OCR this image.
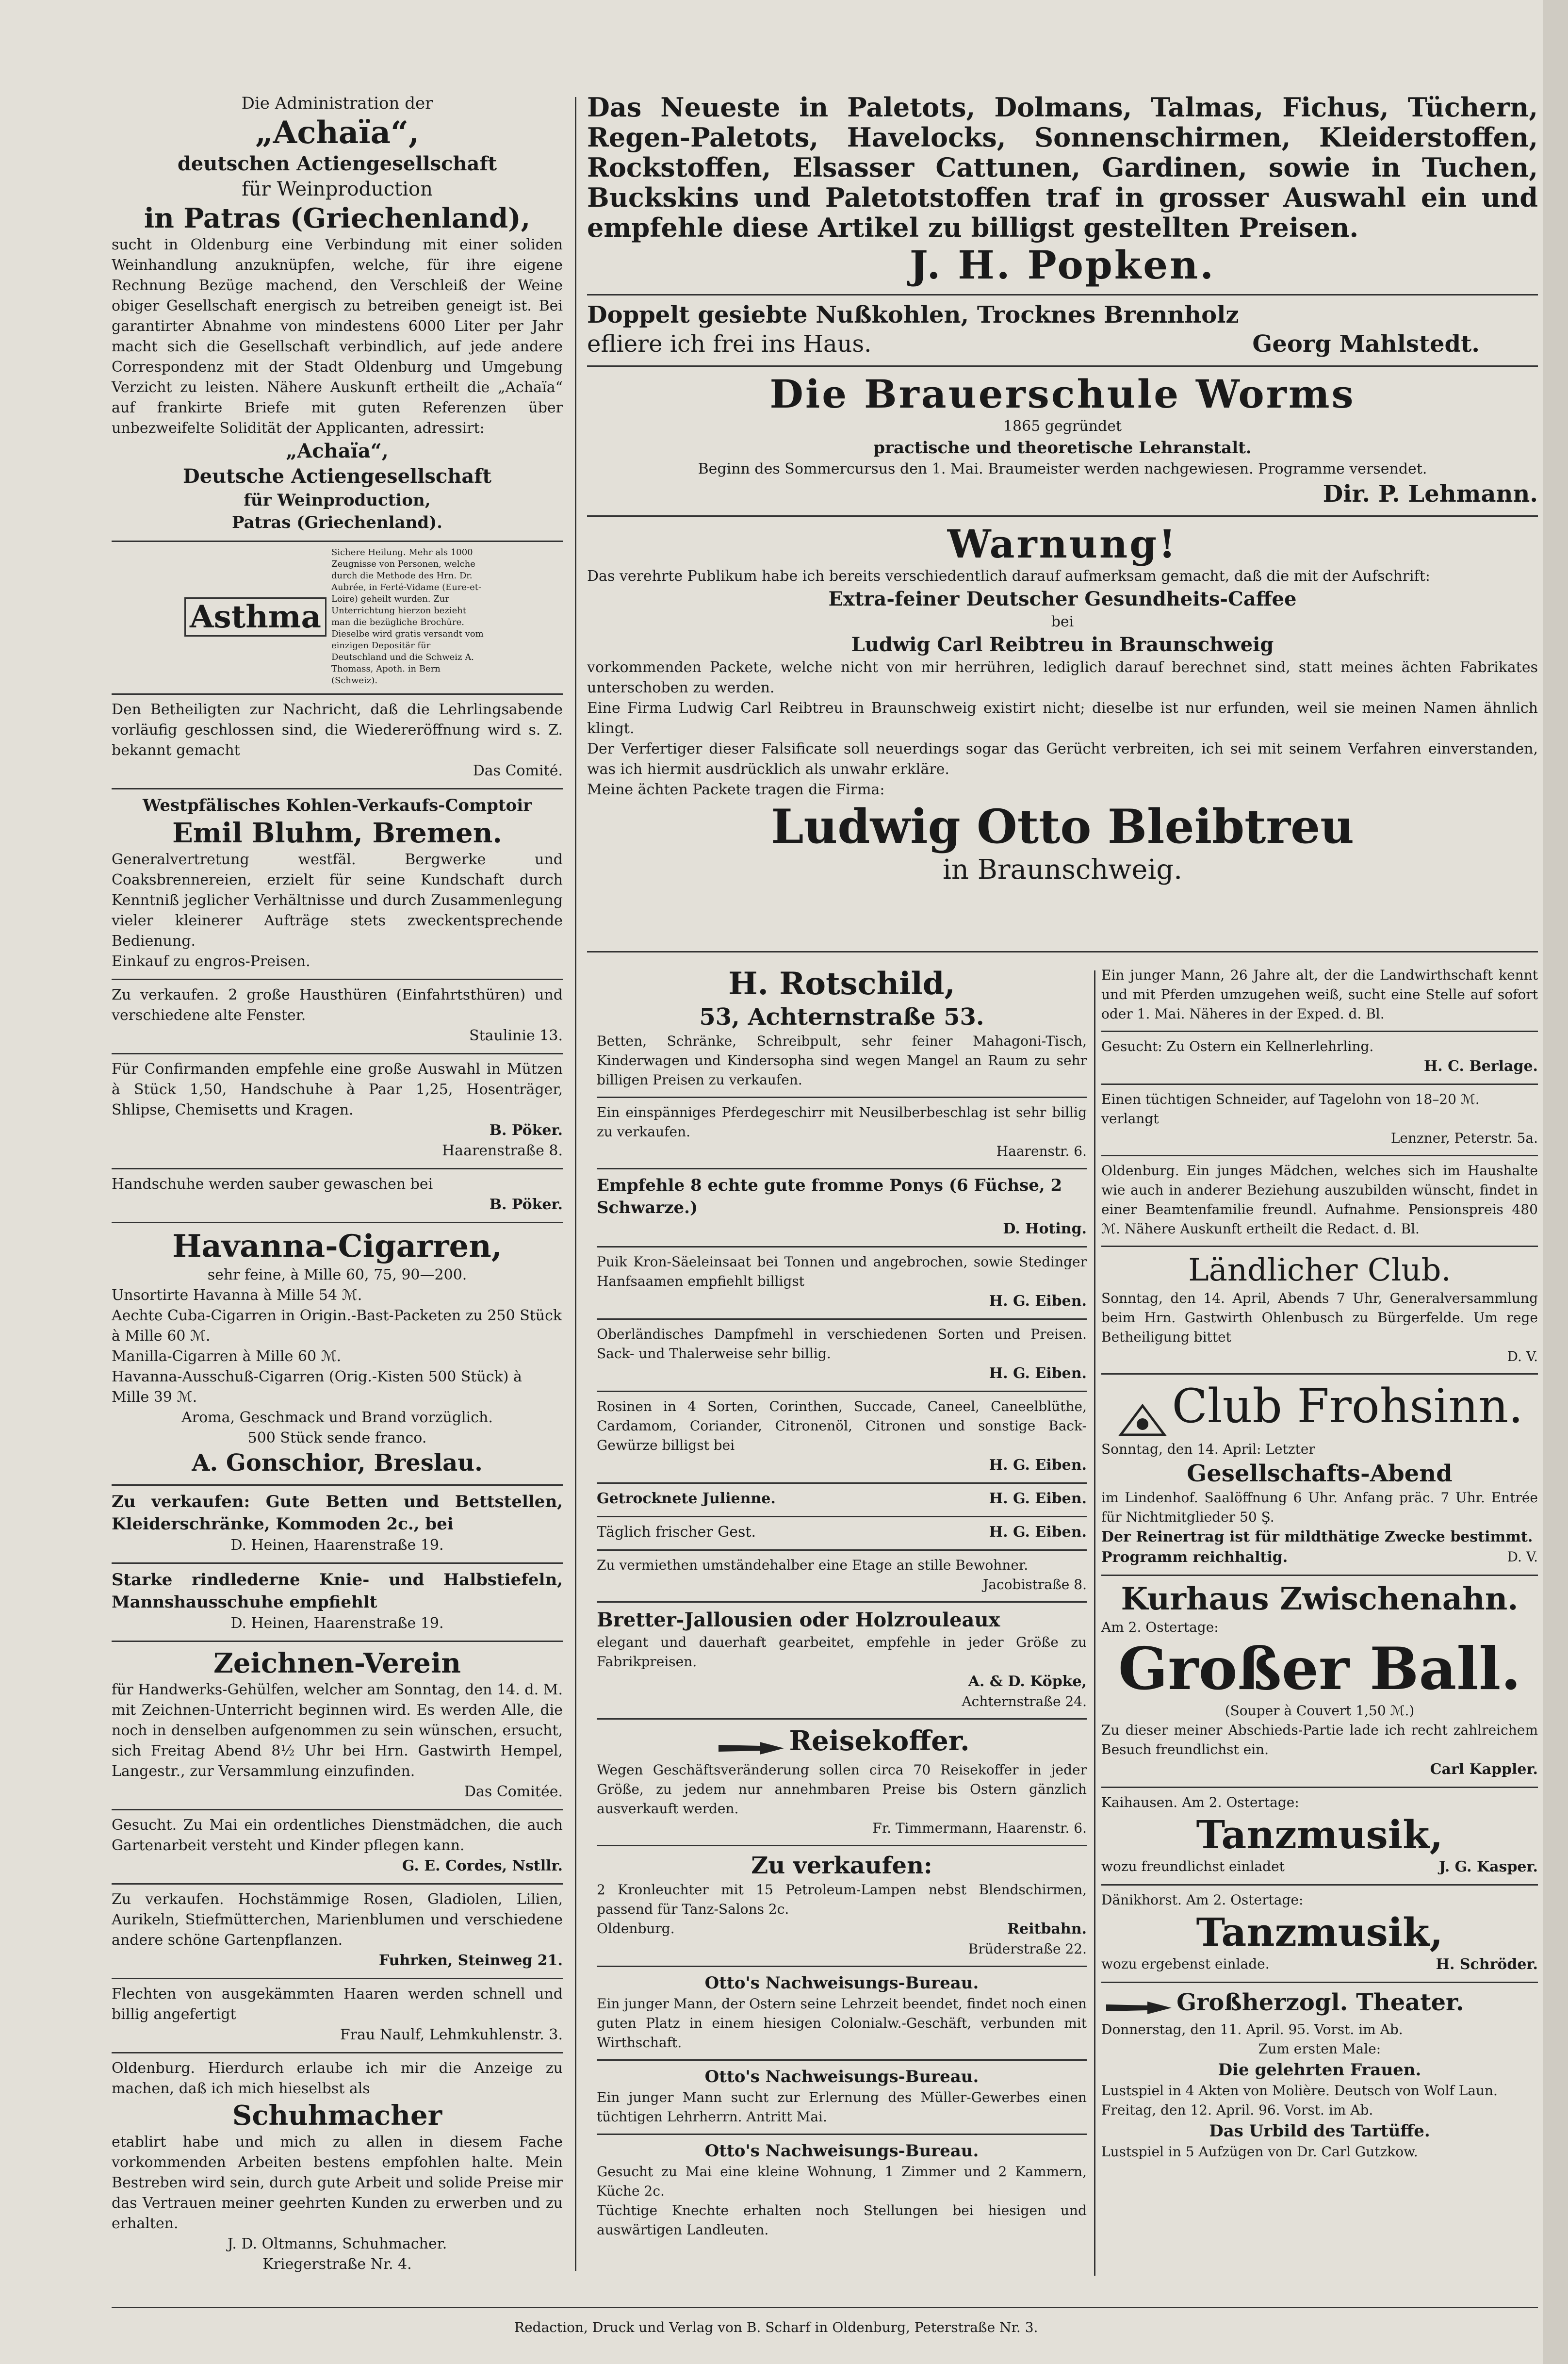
Die Administration der

„Achaïa“,

deutschen Actiengesellschaft

für Weinproduction

in Patras (Griechenland),

sucht in Oldenburg eine Verbindung mit einer soliden Weinhandlung anzuknüpfen, welche, für ihre eigene Rechnung Bezüge machend, den Verschleiß der Weine obiger Gesellschaft energisch zu betreiben geneigt ist. Bei garantirter Abnahme von mindestens 6000 Liter per Jahr macht sich die Gesellschaft verbindlich, auf jede andere Correspondenz mit der Stadt Oldenburg und Umgebung Verzicht zu leisten. Nähere Auskunft ertheilt die „Achaïa“ auf frankirte Briefe mit guten Referenzen über unbezweifelte Solidität der Applicanten, adressirt:

„Achaïa“,

Deutsche Actiengesellschaft

für Weinproduction,

Patras (Griechenland).

Asthma

Sichere Heilung. Mehr als 1000 Zeugnisse von Personen, welche durch die Methode des Hrn. Dr. Aubrée, in Ferté-Vidame (Eure-et-Loire) geheilt wurden. Zur Unterrichtung hierzon bezieht man die bezügliche Brochüre. Dieselbe wird gratis versandt vom einzigen Depositär für Deutschland und die Schweiz A. Thomass, Apoth. in Bern (Schweiz).

Den Betheiligten zur Nachricht, daß die Lehrlingsabende vorläufig geschlossen sind, die Wiedereröffnung wird s. Z. bekannt gemacht

Das Comité.

Westpfälisches Kohlen-Verkaufs-Comptoir

Emil Bluhm, Bremen.

Generalvertretung westfäl. Bergwerke und Coaksbrennereien, erzielt für seine Kundschaft durch Kenntniß jeglicher Verhältnisse und durch Zusammenlegung vieler kleinerer Aufträge stets zweckentsprechende Bedienung.

Einkauf zu engros-Preisen.

Zu verkaufen. 2 große Hausthüren (Einfahrtsthüren) und verschiedene alte Fenster.

Staulinie 13.

Für Confirmanden empfehle eine große Auswahl in Mützen à Stück 1,50, Handschuhe à Paar 1,25, Hosenträger, Shlipse, Chemisetts und Kragen.

B. Pöker.

Haarenstraße 8.

Handschuhe werden sauber gewaschen bei

B. Pöker.

Havanna-Cigarren,

sehr feine, à Mille 60, 75, 90—200.

Unsortirte Havanna à Mille 54 ℳ.

Aechte Cuba-Cigarren in Origin.-Bast-Packeten zu 250 Stück à Mille 60 ℳ.

Manilla-Cigarren à Mille 60 ℳ.

Havanna-Ausschuß-Cigarren (Orig.-Kisten 500 Stück) à Mille 39 ℳ.

Aroma, Geschmack und Brand vorzüglich.

500 Stück sende franco.

A. Gonschior, Breslau.

Zu verkaufen: Gute Betten und Bettstellen, Kleiderschränke, Kommoden 2c., bei

D. Heinen, Haarenstraße 19.

Starke rindlederne Knie- und Halbstiefeln, Mannshausschuhe empfiehlt

D. Heinen, Haarenstraße 19.

Zeichnen-Verein

für Handwerks-Gehülfen, welcher am Sonntag, den 14. d. M. mit Zeichnen-Unterricht beginnen wird. Es werden Alle, die noch in denselben aufgenommen zu sein wünschen, ersucht, sich Freitag Abend 8½ Uhr bei Hrn. Gastwirth Hempel, Langestr., zur Versammlung einzufinden.

Das Comitée.

Gesucht. Zu Mai ein ordentliches Dienstmädchen, die auch Gartenarbeit versteht und Kinder pflegen kann.

G. E. Cordes, Nstllr.

Zu verkaufen. Hochstämmige Rosen, Gladiolen, Lilien, Aurikeln, Stiefmütterchen, Marienblumen und verschiedene andere schöne Gartenpflanzen.

Fuhrken, Steinweg 21.

Flechten von ausgekämmten Haaren werden schnell und billig angefertigt

Frau Naulf, Lehmkuhlenstr. 3.

Oldenburg. Hierdurch erlaube ich mir die Anzeige zu machen, daß ich mich hieselbst als

Schuhmacher

etablirt habe und mich zu allen in diesem Fache vorkommenden Arbeiten bestens empfohlen halte. Mein Bestreben wird sein, durch gute Arbeit und solide Preise mir das Vertrauen meiner geehrten Kunden zu erwerben und zu erhalten.

J. D. Oltmanns, Schuhmacher.

Kriegerstraße Nr. 4.

Das Neueste in Paletots, Dolmans, Talmas, Fichus, Tüchern, Regen-Paletots, Havelocks, Sonnenschirmen, Kleiderstoffen, Rockstoffen, Elsasser Cattunen, Gardinen, sowie in Tuchen, Buckskins und Paletotstoffen traf in grosser Auswahl ein und empfehle diese Artikel zu billigst gestellten Preisen.

J. H. Popken.

Doppelt gesiebte Nußkohlen, Trocknes Brennholz

efliere ich frei ins Haus.	Georg Mahlstedt.

Die Brauerschule Worms

1865 gegründet

practische und theoretische Lehranstalt.

Beginn des Sommercursus den 1. Mai. Braumeister werden nachgewiesen. Programme versendet.

Dir. P. Lehmann.

Warnung!

Das verehrte Publikum habe ich bereits verschiedentlich darauf aufmerksam gemacht, daß die mit der Aufschrift:

Extra-feiner Deutscher Gesundheits-Caffee

bei

Ludwig Carl Reibtreu in Braunschweig

vorkommenden Packete, welche nicht von mir herrühren, lediglich darauf berechnet sind, statt meines ächten Fabrikates unterschoben zu werden.

Eine Firma Ludwig Carl Reibtreu in Braunschweig existirt nicht; dieselbe ist nur erfunden, weil sie meinen Namen ähnlich klingt.

Der Verfertiger dieser Falsificate soll neuerdings sogar das Gerücht verbreiten, ich sei mit seinem Verfahren einverstanden, was ich hiermit ausdrücklich als unwahr erkläre.

Meine ächten Packete tragen die Firma:

Ludwig Otto Bleibtreu

in Braunschweig.

H. Rotschild,

53, Achternstraße 53.

Betten, Schränke, Schreibpult, sehr feiner Mahagoni-Tisch, Kinderwagen und Kindersopha sind wegen Mangel an Raum zu sehr billigen Preisen zu verkaufen.

Ein einspänniges Pferdegeschirr mit Neusilberbeschlag ist sehr billig zu verkaufen.

Haarenstr. 6.

Empfehle 8 echte gute fromme Ponys (6 Füchse, 2 Schwarze.)

D. Hoting.

Puik Kron-Säeleinsaat bei Tonnen und angebrochen, sowie Stedinger Hanfsaamen empfiehlt billigst

H. G. Eiben.

Oberländisches Dampfmehl in verschiedenen Sorten und Preisen. Sack- und Thalerweise sehr billig.

H. G. Eiben.

Rosinen in 4 Sorten, Corinthen, Succade, Caneel, Caneelblüthe, Cardamom, Coriander, Citronenöl, Citronen und sonstige Back-Gewürze billigst bei

H. G. Eiben.

Getrocknete Julienne.	H. G. Eiben.

Täglich frischer Gest.	H. G. Eiben.

Zu vermiethen umständehalber eine Etage an stille Bewohner.

Jacobistraße 8.

Bretter-Jallousien oder Holzrouleaux

elegant und dauerhaft gearbeitet, empfehle in jeder Größe zu Fabrikpreisen.

A. & D. Köpke,

Achternstraße 24.

Reisekoffer.

Wegen Geschäftsveränderung sollen circa 70 Reisekoffer in jeder Größe, zu jedem nur annehmbaren Preise bis Ostern gänzlich ausverkauft werden.

Fr. Timmermann, Haarenstr. 6.

Zu verkaufen:

2 Kronleuchter mit 15 Petroleum-Lampen nebst Blendschirmen, passend für Tanz-Salons 2c.

Oldenburg.	Reitbahn.

Brüderstraße 22.

Otto's Nachweisungs-Bureau.

Ein junger Mann, der Ostern seine Lehrzeit beendet, findet noch einen guten Platz in einem hiesigen Colonialw.-Geschäft, verbunden mit Wirthschaft.

Otto's Nachweisungs-Bureau.

Ein junger Mann sucht zur Erlernung des Müller-Gewerbes einen tüchtigen Lehrherrn. Antritt Mai.

Otto's Nachweisungs-Bureau.

Gesucht zu Mai eine kleine Wohnung, 1 Zimmer und 2 Kammern, Küche 2c.

Tüchtige Knechte erhalten noch Stellungen bei hiesigen und auswärtigen Landleuten.

Ein junger Mann, 26 Jahre alt, der die Landwirthschaft kennt und mit Pferden umzugehen weiß, sucht eine Stelle auf sofort oder 1. Mai. Näheres in der Exped. d. Bl.

Gesucht: Zu Ostern ein Kellnerlehrling.

H. C. Berlage.

Einen tüchtigen Schneider, auf Tagelohn von 18–20 ℳ. verlangt

Lenzner, Peterstr. 5a.

Oldenburg. Ein junges Mädchen, welches sich im Haushalte wie auch in anderer Beziehung auszubilden wünscht, findet in einer Beamtenfamilie freundl. Aufnahme. Pensionspreis 480 ℳ. Nähere Auskunft ertheilt die Redact. d. Bl.

Ländlicher Club.

Sonntag, den 14. April, Abends 7 Uhr, Generalversammlung beim Hrn. Gastwirth Ohlenbusch zu Bürgerfelde. Um rege Betheiligung bittet

D. V.

Club Frohsinn.

Sonntag, den 14. April: Letzter

Gesellschafts-Abend

im Lindenhof. Saalöffnung 6 Uhr. Anfang präc. 7 Uhr. Entrée für Nichtmitglieder 50 Ş.

Der Reinertrag ist für mildthätige Zwecke bestimmt.

Programm reichhaltig.	D. V.

Kurhaus Zwischenahn.

Am 2. Ostertage:

Großer Ball.

(Souper à Couvert 1,50 ℳ.)

Zu dieser meiner Abschieds-Partie lade ich recht zahlreichem Besuch freundlichst ein.

Carl Kappler.

Kaihausen. Am 2. Ostertage:

Tanzmusik,

wozu freundlichst einladet	J. G. Kasper.

Dänikhorst. Am 2. Ostertage:

Tanzmusik,

wozu ergebenst einlade.	H. Schröder.

Großherzogl. Theater.

Donnerstag, den 11. April. 95. Vorst. im Ab.

Zum ersten Male:

Die gelehrten Frauen.

Lustspiel in 4 Akten von Molière. Deutsch von Wolf Laun.

Freitag, den 12. April. 96. Vorst. im Ab.

Das Urbild des Tartüffe.

Lustspiel in 5 Aufzügen von Dr. Carl Gutzkow.

Redaction, Druck und Verlag von B. Scharf in Oldenburg, Peterstraße Nr. 3.
